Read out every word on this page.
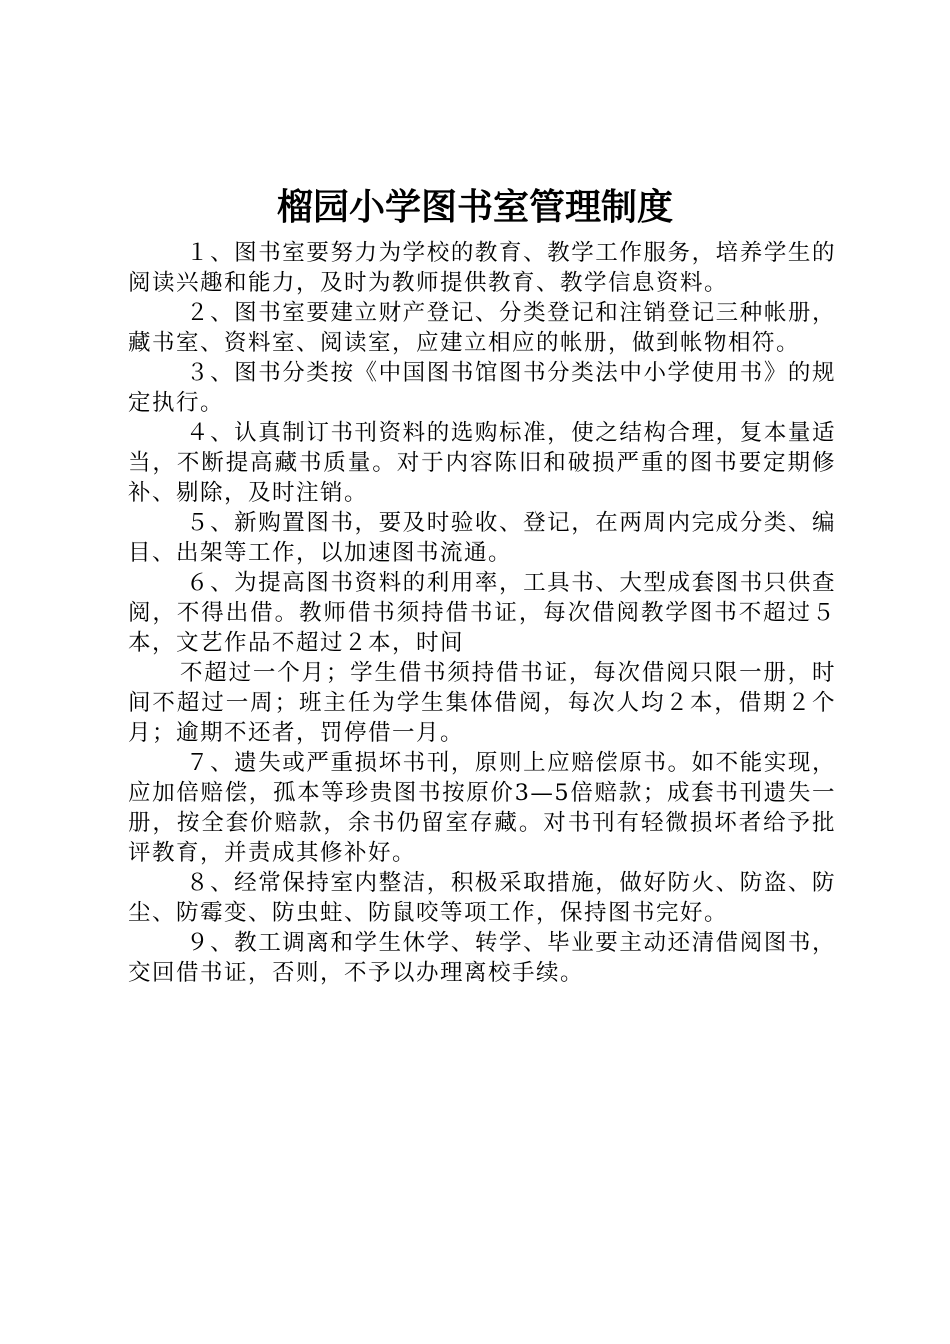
榴园小学图书室管理制度

１、图书室要努力为学校的教育、教学工作服务，培养学生的阅读兴趣和能力，及时为教师提供教育、教学信息资料。

２、图书室要建立财产登记、分类登记和注销登记三种帐册，藏书室、资料室、阅读室，应建立相应的帐册，做到帐物相符。

３、图书分类按《中国图书馆图书分类法中小学使用书》的规定执行。

４、认真制订书刊资料的选购标准，使之结构合理，复本量适当，不断提高藏书质量。对于内容陈旧和破损严重的图书要定期修补、剔除，及时注销。

５、新购置图书，要及时验收、登记，在两周内完成分类、编目、出架等工作，以加速图书流通。

６、为提高图书资料的利用率，工具书、大型成套图书只供查阅，不得出借。教师借书须持借书证，每次借阅教学图书不超过５本，文艺作品不超过２本，时间

不超过一个月；学生借书须持借书证，每次借阅只限一册，时间不超过一周；班主任为学生集体借阅，每次人均２本，借期２个月；逾期不还者，罚停借一月。

７、遗失或严重损坏书刊，原则上应赔偿原书。如不能实现，应加倍赔偿，孤本等珍贵图书按原价3—5倍赔款；成套书刊遗失一册，按全套价赔款，余书仍留室存藏。对书刊有轻微损坏者给予批评教育，并责成其修补好。

８、经常保持室内整洁，积极采取措施，做好防火、防盗、防尘、防霉变、防虫蛀、防鼠咬等项工作，保持图书完好。

９、教工调离和学生休学、转学、毕业要主动还清借阅图书，交回借书证，否则，不予以办理离校手续。
